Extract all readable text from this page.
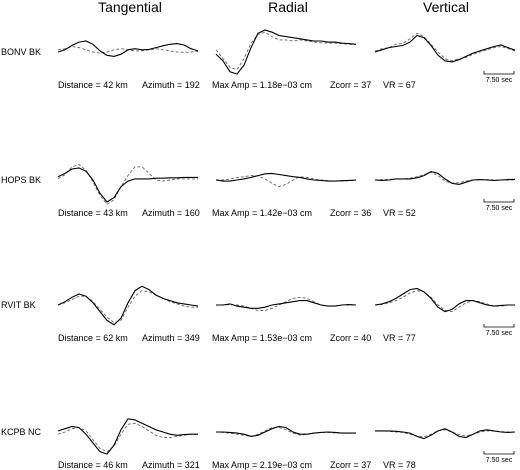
Tangential	Radial	Vertical
BONV BK
7.50 sec
Distance = 42 km Azimuth = 192 Max Amp = 1.18e−03 cm Zcorr = 37 VR = 67
HOPS BK
7.50 sec
Distance = 43 km Azimuth = 160 Max Amp = 1.42e−03 cm Zcorr = 36 VR = 52
RVIT BK
7.50 sec
Distance = 62 km Azimuth = 349 Max Amp = 1.53e−03 cm Zcorr = 40 VR = 77
KCPB NC
7.50 sec
Distance = 46 km Azimuth = 321 Max Amp = 2.19e−03 cm Zcorr = 37 VR = 78
